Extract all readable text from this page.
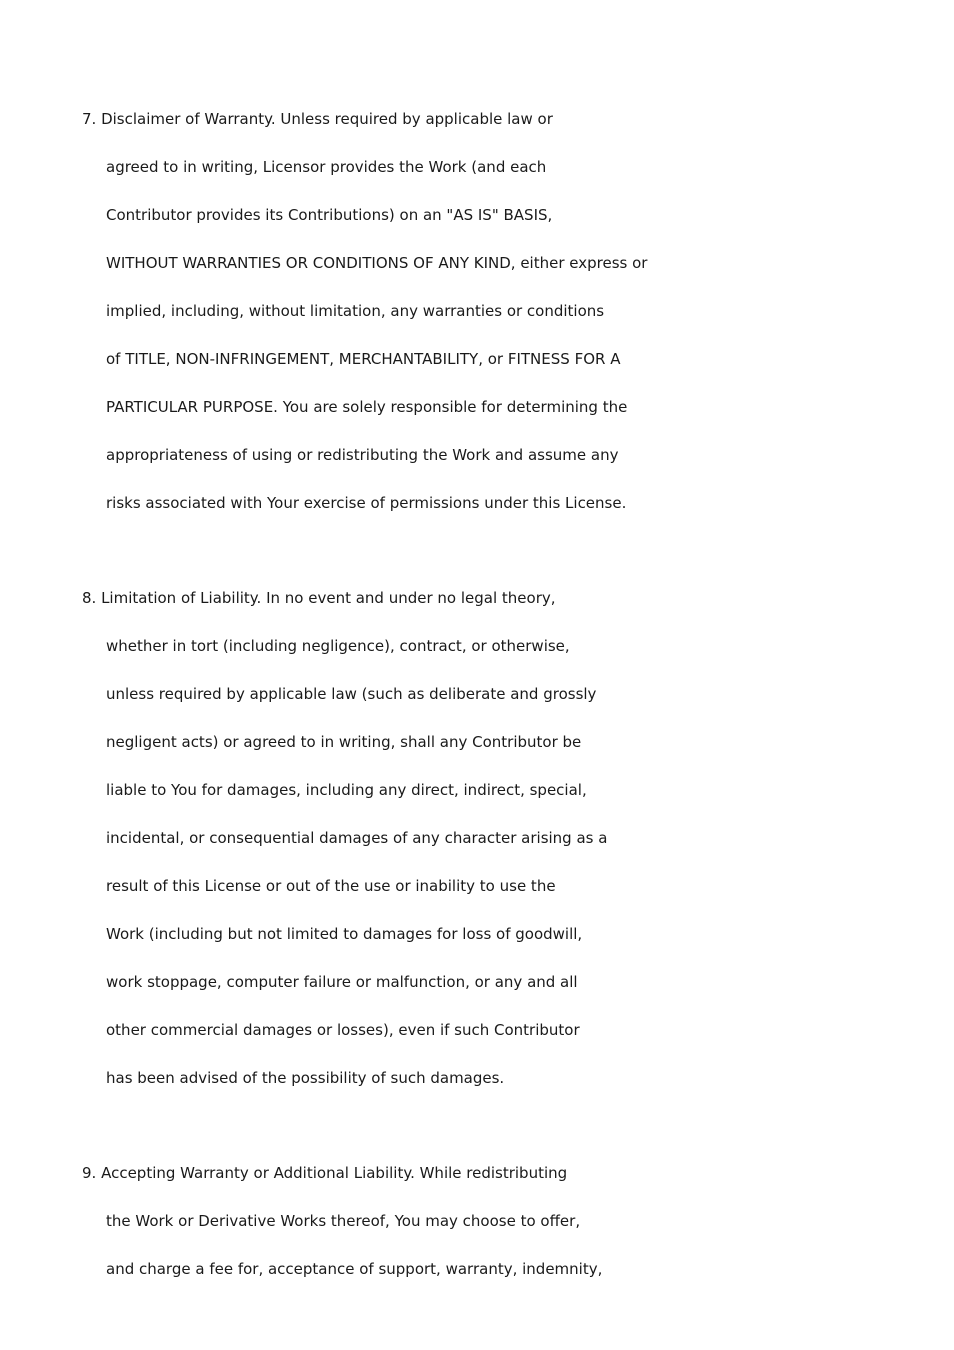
7. Disclaimer of Warranty. Unless required by applicable law or
agreed to in writing, Licensor provides the Work (and each
Contributor provides its Contributions) on an "AS IS" BASIS,
WITHOUT WARRANTIES OR CONDITIONS OF ANY KIND, either express or
implied, including, without limitation, any warranties or conditions
of TITLE, NON-INFRINGEMENT, MERCHANTABILITY, or FITNESS FOR A
PARTICULAR PURPOSE. You are solely responsible for determining the
appropriateness of using or redistributing the Work and assume any
risks associated with Your exercise of permissions under this License.
8. Limitation of Liability. In no event and under no legal theory,
whether in tort (including negligence), contract, or otherwise,
unless required by applicable law (such as deliberate and grossly
negligent acts) or agreed to in writing, shall any Contributor be
liable to You for damages, including any direct, indirect, special,
incidental, or consequential damages of any character arising as a
result of this License or out of the use or inability to use the
Work (including but not limited to damages for loss of goodwill,
work stoppage, computer failure or malfunction, or any and all
other commercial damages or losses), even if such Contributor
has been advised of the possibility of such damages.
9. Accepting Warranty or Additional Liability. While redistributing
the Work or Derivative Works thereof, You may choose to offer,
and charge a fee for, acceptance of support, warranty, indemnity,
